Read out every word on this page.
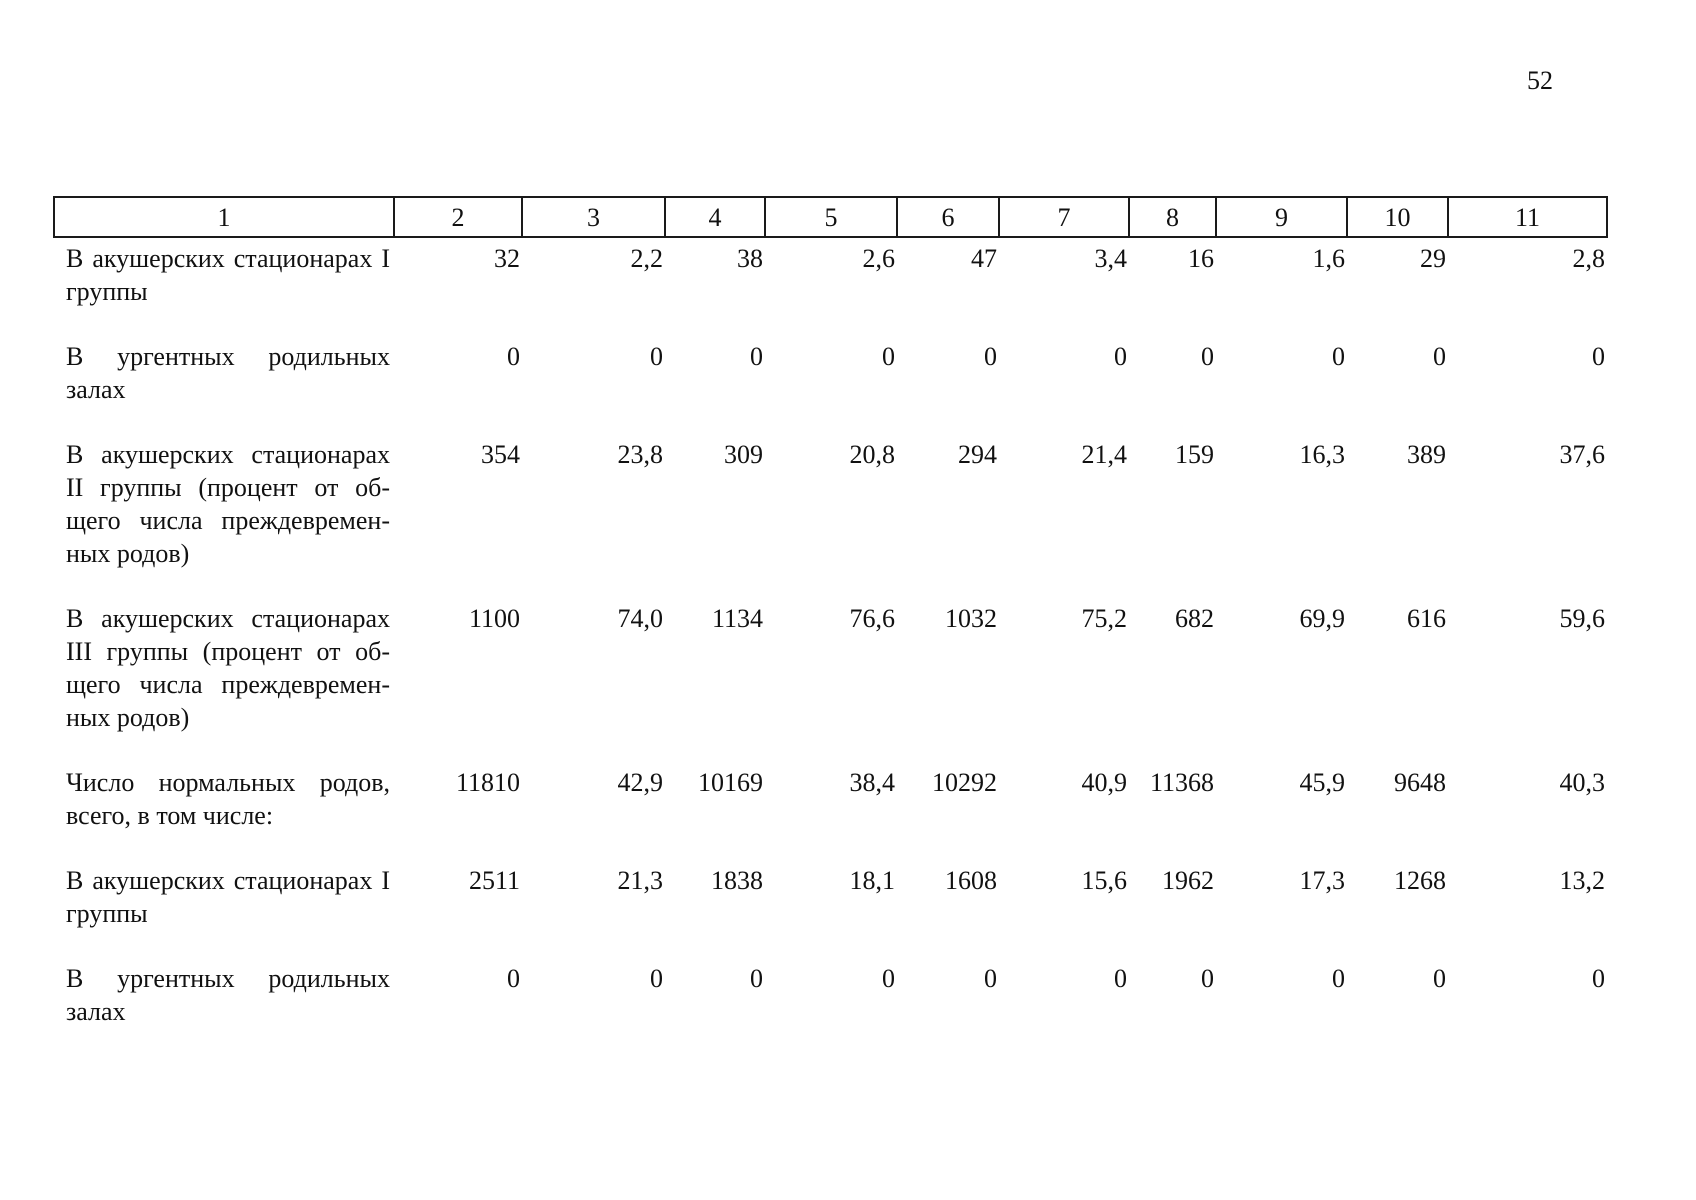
52
1	2	3	4	5	6	7	8	9	10	11
В акушерских стационарах I группы	32	2,2	38	2,6	47	3,4	16	1,6	29	2,8
В ургентных родильных залах	0	0	0	0	0	0	0	0	0	0
В акушерских стационарах II группы (процент от общего числа преждевременных родов)	354	23,8	309	20,8	294	21,4	159	16,3	389	37,6
В акушерских стационарах III группы (процент от общего числа преждевременных родов)	1100	74,0	1134	76,6	1032	75,2	682	69,9	616	59,6
Число нормальных родов, всего, в том числе:	11810	42,9	10169	38,4	10292	40,9	11368	45,9	9648	40,3
В акушерских стационарах I группы	2511	21,3	1838	18,1	1608	15,6	1962	17,3	1268	13,2
В ургентных родильных залах	0	0	0	0	0	0	0	0	0	0
